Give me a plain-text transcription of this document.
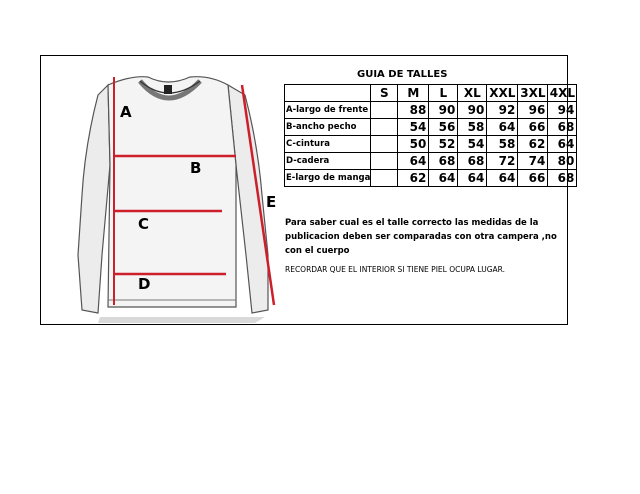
A
B
C
D
E
GUIA DE TALLES
	S	M	L	XL	XXL	3XL	4XL
A-largo de frente		88	90	90	92	96	94
B-ancho pecho		54	56	58	64	66	68
C-cintura		50	52	54	58	62	64
D-cadera		64	68	68	72	74	80
E-largo de manga		62	64	64	64	66	68
Para saber cual es el talle correcto las medidas de la publicacion deben ser comparadas con otra campera ,no con el cuerpo
RECORDAR QUE EL INTERIOR SI TIENE PIEL OCUPA LUGAR.
